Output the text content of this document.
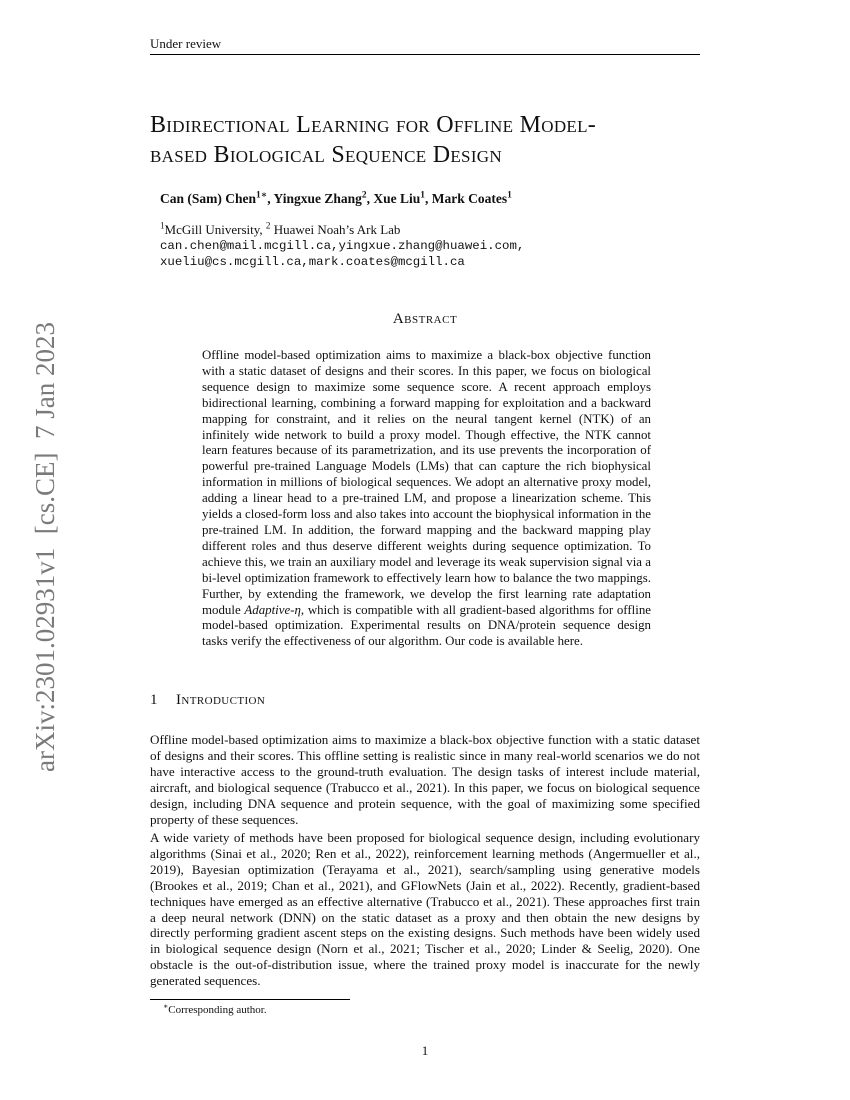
Under review
Bidirectional Learning for Offline Model-
based Biological Sequence Design
Can (Sam) Chen$^{1∗}$, Yingxue Zhang$^2$, Xue Liu$^1$, Mark Coates$^1$
$^1$McGill University, $^2$ Huawei Noah’s Ark Lab
can.chen@mail.mcgill.ca,yingxue.zhang@huawei.com,
xueliu@cs.mcgill.ca,mark.coates@mcgill.ca
Abstract
Offline model-based optimization aims to maximize a black-box objective function with a static dataset of designs and their scores. In this paper, we focus on biological sequence design to maximize some sequence score. A recent approach employs bidirectional learning, combining a forward mapping for exploitation and a backward mapping for constraint, and it relies on the neural tangent kernel (NTK) of an infinitely wide network to build a proxy model. Though effective, the NTK cannot learn features because of its parametrization, and its use prevents the incorporation of powerful pre-trained Language Models (LMs) that can capture the rich biophysical information in millions of biological sequences. We adopt an alternative proxy model, adding a linear head to a pre-trained LM, and propose a linearization scheme. This yields a closed-form loss and also takes into account the biophysical information in the pre-trained LM. In addition, the forward mapping and the backward mapping play different roles and thus deserve different weights during sequence optimization. To achieve this, we train an auxiliary model and leverage its weak supervision signal via a bi-level optimization framework to effectively learn how to balance the two mappings. Further, by extending the framework, we develop the first learning rate adaptation module Adaptive-η, which is compatible with all gradient-based algorithms for offline model-based optimization. Experimental results on DNA/protein sequence design tasks verify the effectiveness of our algorithm. Our code is available here.
1 Introduction
Offline model-based optimization aims to maximize a black-box objective function with a static dataset of designs and their scores. This offline setting is realistic since in many real-world scenarios we do not have interactive access to the ground-truth evaluation. The design tasks of interest include material, aircraft, and biological sequence (Trabucco et al., 2021). In this paper, we focus on biological sequence design, including DNA sequence and protein sequence, with the goal of maximizing some specified property of these sequences.
A wide variety of methods have been proposed for biological sequence design, including evolutionary algorithms (Sinai et al., 2020; Ren et al., 2022), reinforcement learning methods (Angermueller et al., 2019), Bayesian optimization (Terayama et al., 2021), search/sampling using generative models (Brookes et al., 2019; Chan et al., 2021), and GFlowNets (Jain et al., 2022). Recently, gradient-based techniques have emerged as an effective alternative (Trabucco et al., 2021). These approaches first train a deep neural network (DNN) on the static dataset as a proxy and then obtain the new designs by directly performing gradient ascent steps on the existing designs. Such methods have been widely used in biological sequence design (Norn et al., 2021; Tischer et al., 2020; Linder & Seelig, 2020). One obstacle is the out-of-distribution issue, where the trained proxy model is inaccurate for the newly generated sequences.
∗Corresponding author.
1
arXiv:2301.02931v1  [cs.CE]  7 Jan 2023
